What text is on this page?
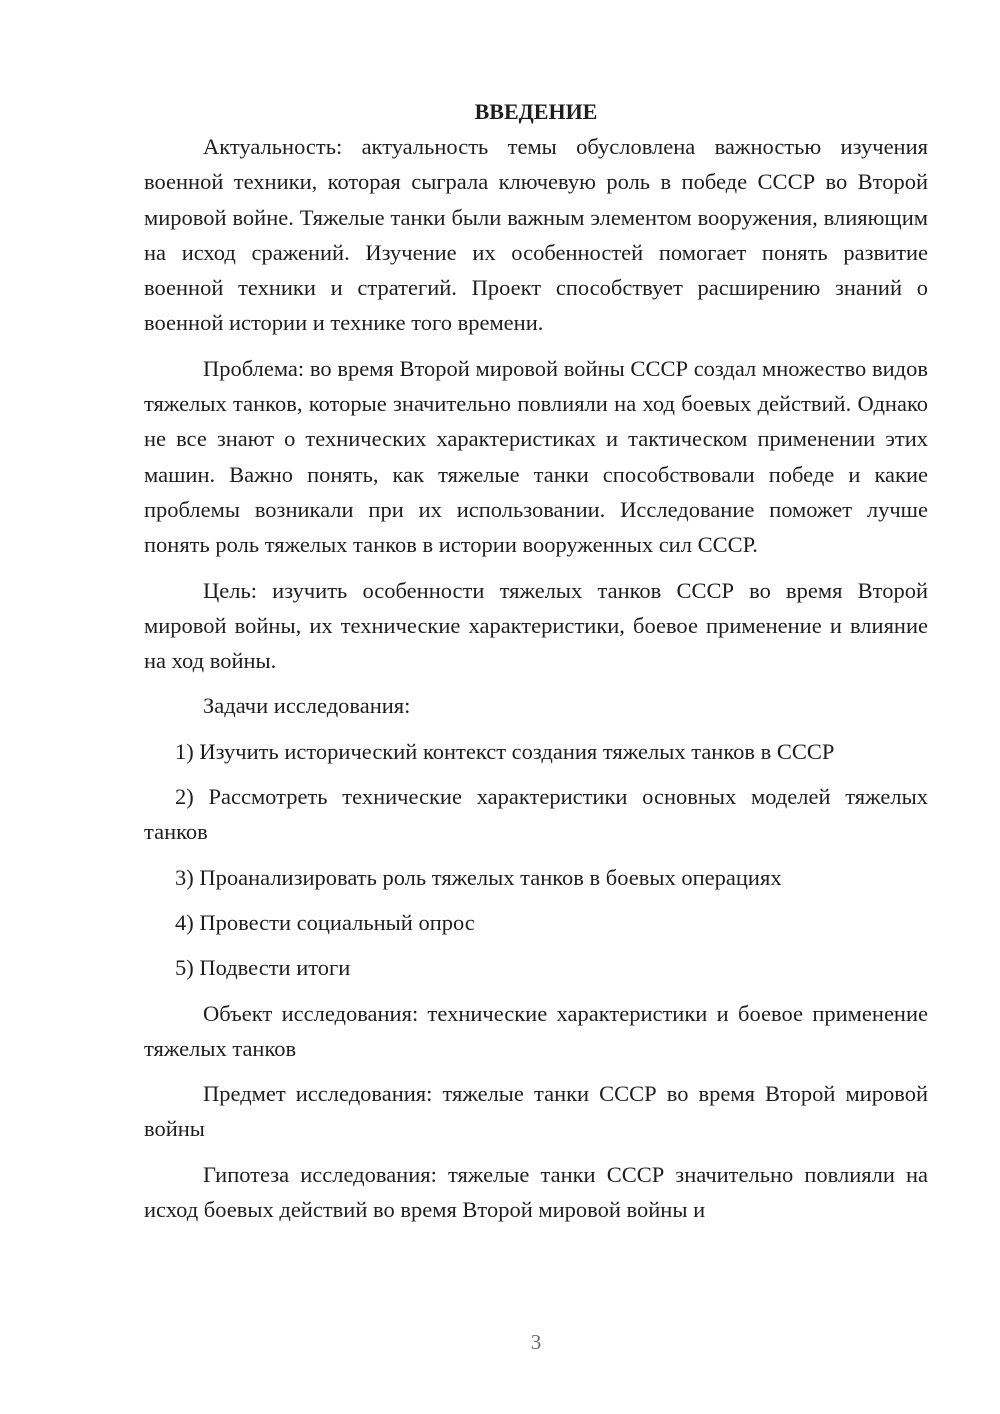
ВВЕДЕНИЕ

Актуальность: актуальность темы обусловлена важностью изучения военной техники, которая сыграла ключевую роль в победе СССР во Второй мировой войне. Тяжелые танки были важным элементом вооружения, влияющим на исход сражений. Изучение их особенностей помогает понять развитие военной техники и стратегий. Проект способствует расширению знаний о военной истории и технике того времени.

Проблема: во время Второй мировой войны СССР создал множество видов тяжелых танков, которые значительно повлияли на ход боевых действий. Однако не все знают о технических характеристиках и тактическом применении этих машин. Важно понять, как тяжелые танки способствовали победе и какие проблемы возникали при их использовании. Исследование поможет лучше понять роль тяжелых танков в истории вооруженных сил СССР.

Цель: изучить особенности тяжелых танков СССР во время Второй мировой войны, их технические характеристики, боевое применение и влияние на ход войны.

Задачи исследования:

1) Изучить исторический контекст создания тяжелых танков в СССР

2) Рассмотреть технические характеристики основных моделей тяжелых танков

3) Проанализировать роль тяжелых танков в боевых операциях

4) Провести социальный опрос

5) Подвести итоги

Объект исследования: технические характеристики и боевое применение тяжелых танков

Предмет исследования: тяжелые танки СССР во время Второй мировой войны

Гипотеза исследования: тяжелые танки СССР значительно повлияли на исход боевых действий во время Второй мировой войны и

3
